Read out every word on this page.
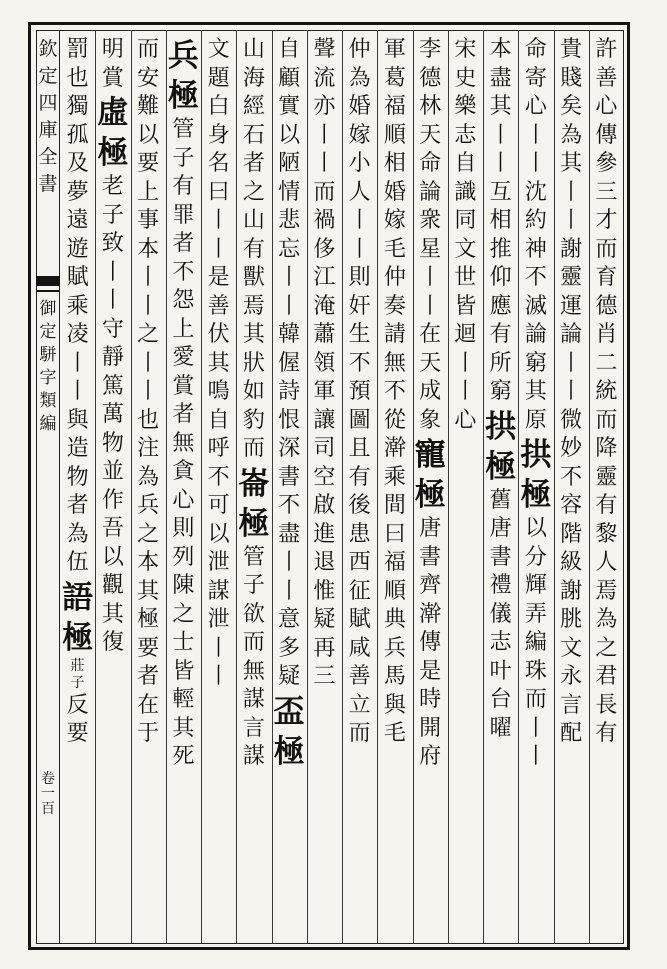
欽
定
四
庫
全
書
御
定
駢
字
類
編
卷
一
百
許
善
心
傳
參
三
才
而
育
德
肖
二
統
而
降
靈
有
黎
人
焉
為
之
君
長
有
貴
賤
矣
為
其
丨
丨
謝
靈
運
論
丨
丨
微
妙
不
容
階
級
謝
朓
文
永
言
配
命
寄
心
丨
丨
沈
約
神
不
滅
論
窮
其
原
拱
極
以
分
輝
弄
編
珠
而
丨
丨
本
盡
其
丨
丨
互
相
推
仰
應
有
所
窮
拱
極
舊
唐
書
禮
儀
志
叶
台
曜
宋
史
樂
志
自
識
同
文
世
皆
迴
丨
丨
心
李
德
林
天
命
論
衆
星
丨
丨
在
天
成
象
寵
極
唐
書
齊
澣
傳
是
時
開
府
軍
葛
福
順
相
婚
嫁
毛
仲
奏
請
無
不
從
澣
乘
間
曰
福
順
典
兵
馬
與
毛
仲
為
婚
嫁
小
人
丨
丨
則
奸
生
不
預
圖
且
有
後
患
西
征
賦
咸
善
立
而
聲
流
亦
丨
丨
而
禍
侈
江
淹
蕭
領
軍
讓
司
空
啟
進
退
惟
疑
再
三
自
顧
實
以
陋
情
悲
忘
丨
丨
韓
偓
詩
恨
深
書
不
盡
丨
丨
意
多
疑
盃
極
山
海
經
石
者
之
山
有
獸
焉
其
狀
如
豹
而
崙
極
管
子
欲
而
無
謀
言
謀
文
題
白
身
名
曰
丨
丨
是
善
伏
其
鳴
自
呼
不
可
以
泄
謀
泄
丨
丨
兵
極
管
子
有
罪
者
不
怨
上
愛
賞
者
無
貪
心
則
列
陳
之
士
皆
輕
其
死
而
安
難
以
要
上
事
本
丨
丨
之
丨
丨
也
注
為
兵
之
本
其
極
要
者
在
于
明
賞
虛
極
老
子
致
丨
丨
守
靜
篤
萬
物
並
作
吾
以
觀
其
復
罰
也
獨
孤
及
夢
遠
遊
賦
乘
凌
丨
丨
與
造
物
者
為
伍
語
極
莊
子
反
要
